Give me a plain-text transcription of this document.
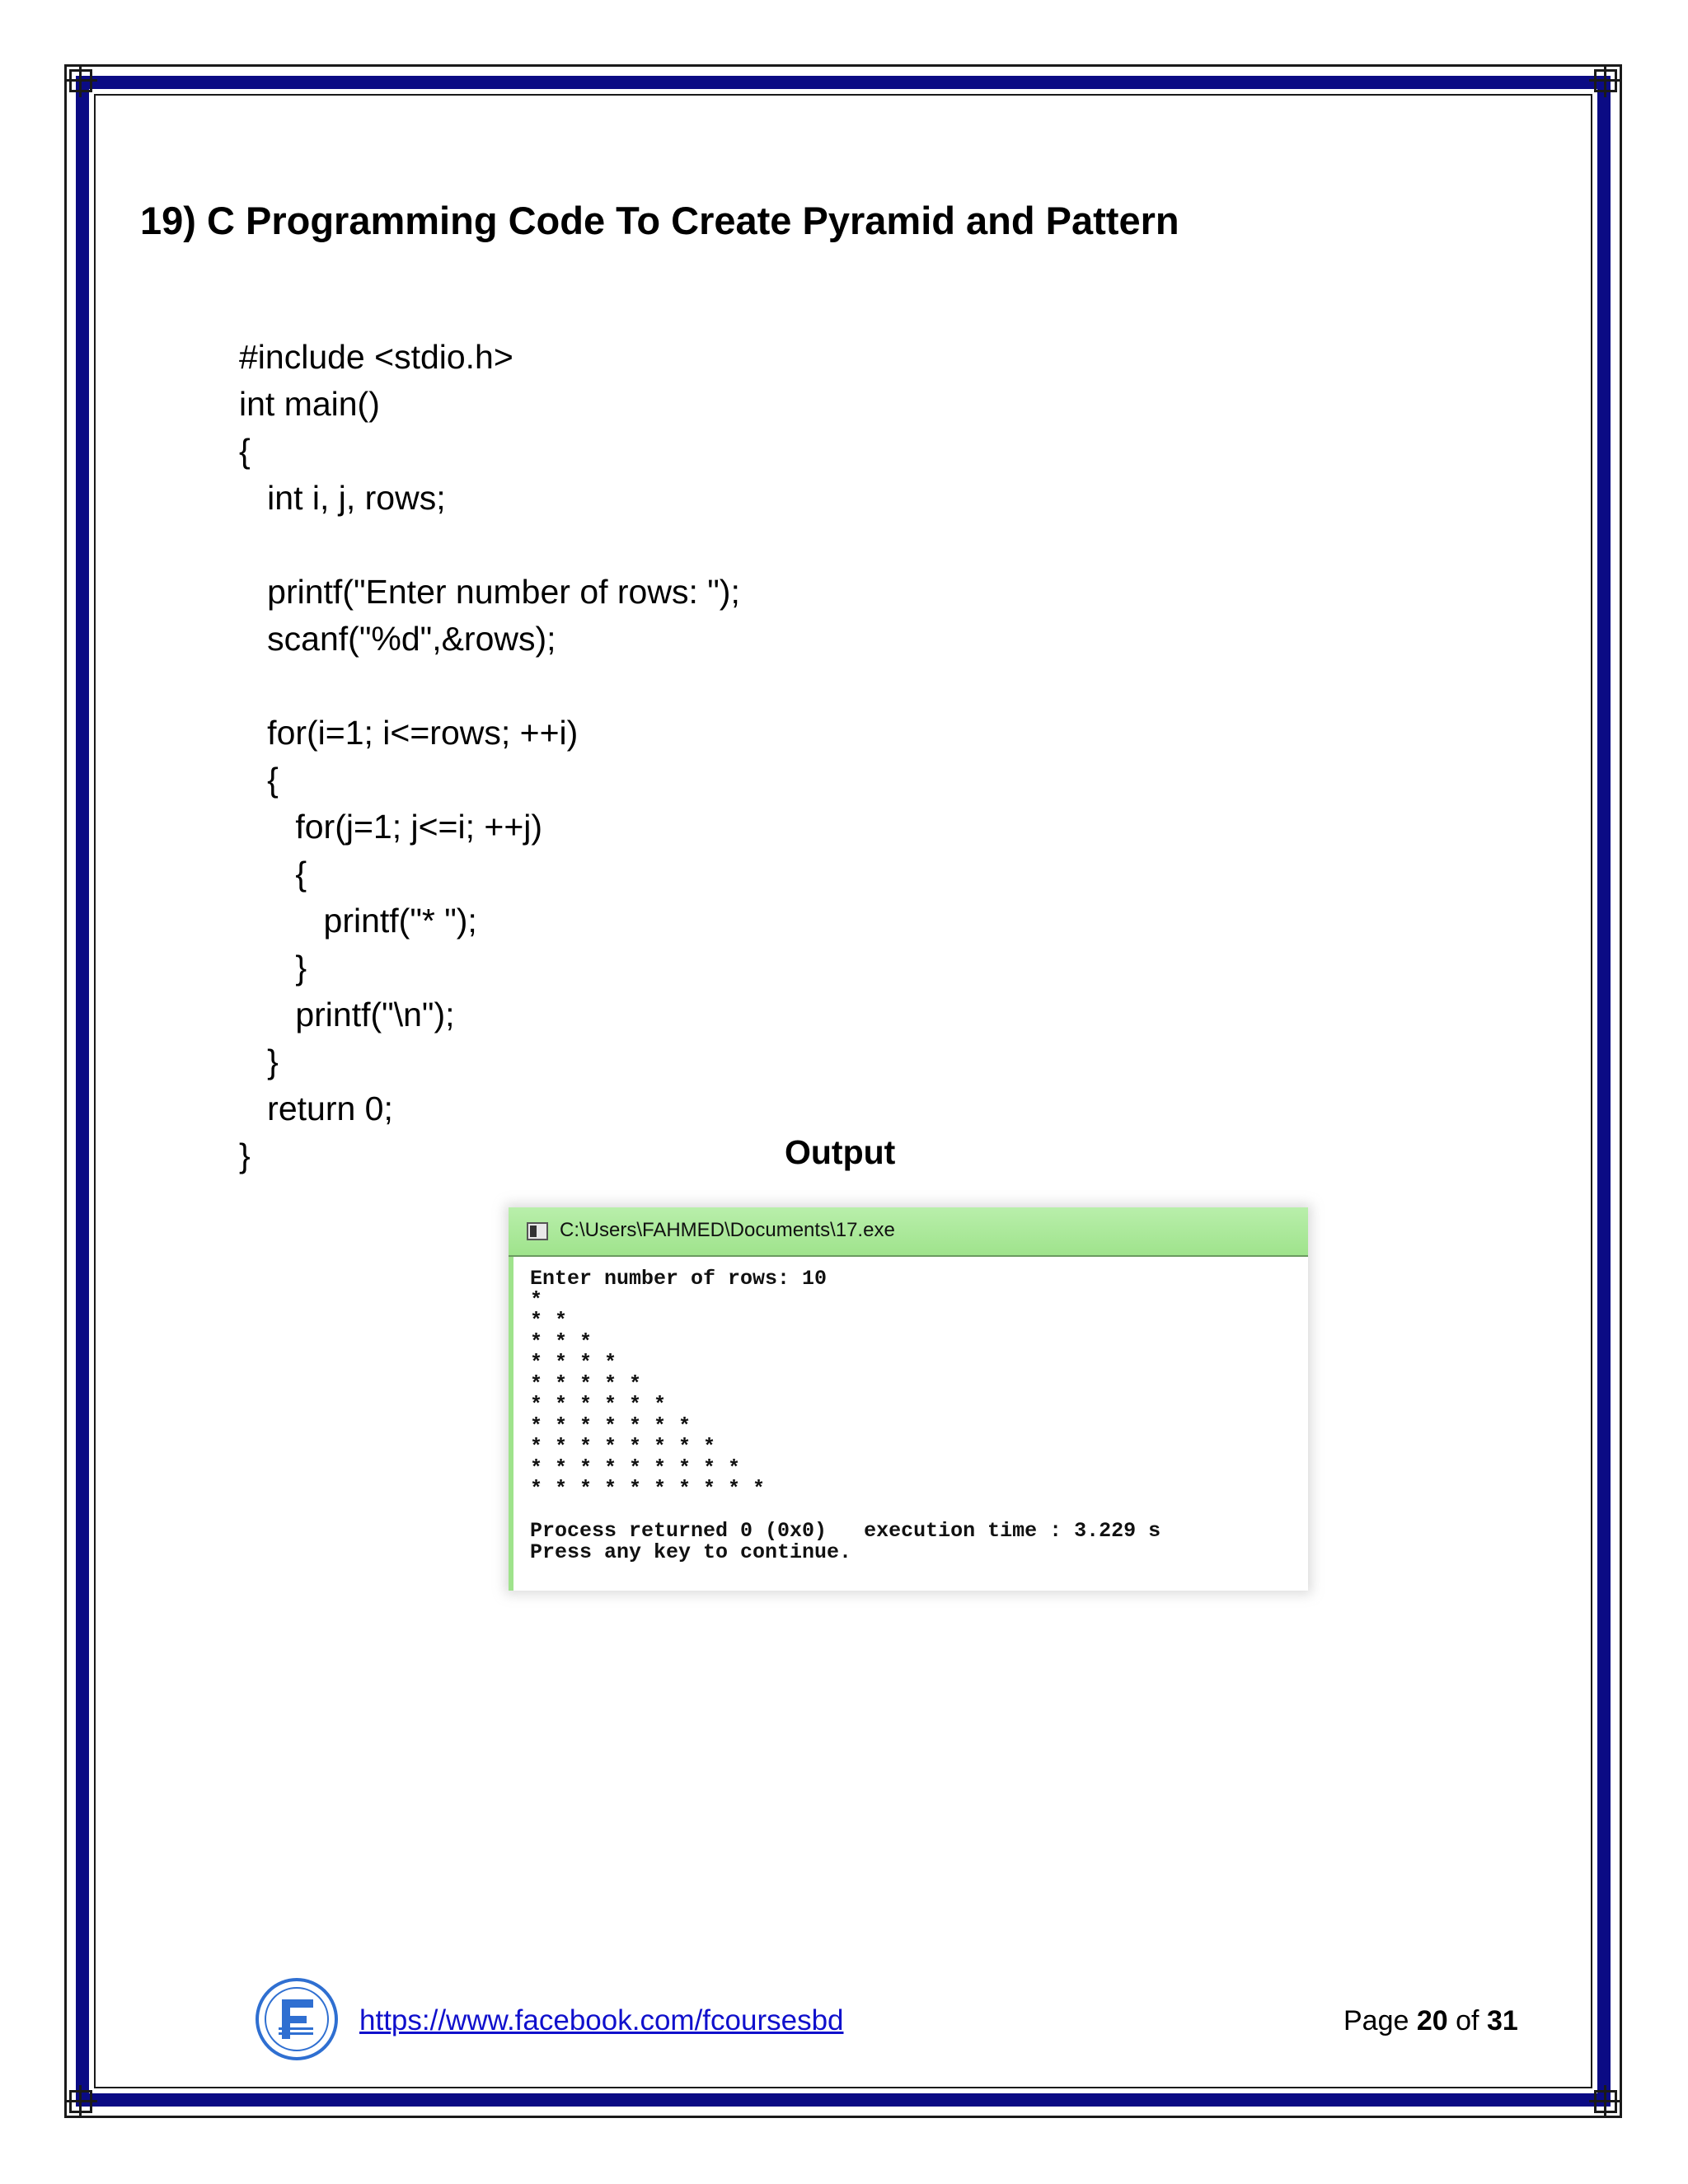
19) C Programming Code To Create Pyramid and Pattern
#include <stdio.h>
int main()
{
int i, j, rows;
printf("Enter number of rows: ");
scanf("%d",&rows);
for(i=1; i<=rows; ++i)
{
for(j=1; j<=i; ++j)
{
printf("* ");
}
printf("\n");
}
return 0;
}	Output
C:\Users\FAHMED\Documents\17.exe
Enter number of rows: 10
*
* *
* * *
* * * *
* * * * *
* * * * * *
* * * * * * *
* * * * * * * *
* * * * * * * * *
* * * * * * * * * *
Process returned 0 (0x0)   execution time : 3.229 s
Press any key to continue.
https://www.facebook.com/fcoursesbd	Page 20 of 31
